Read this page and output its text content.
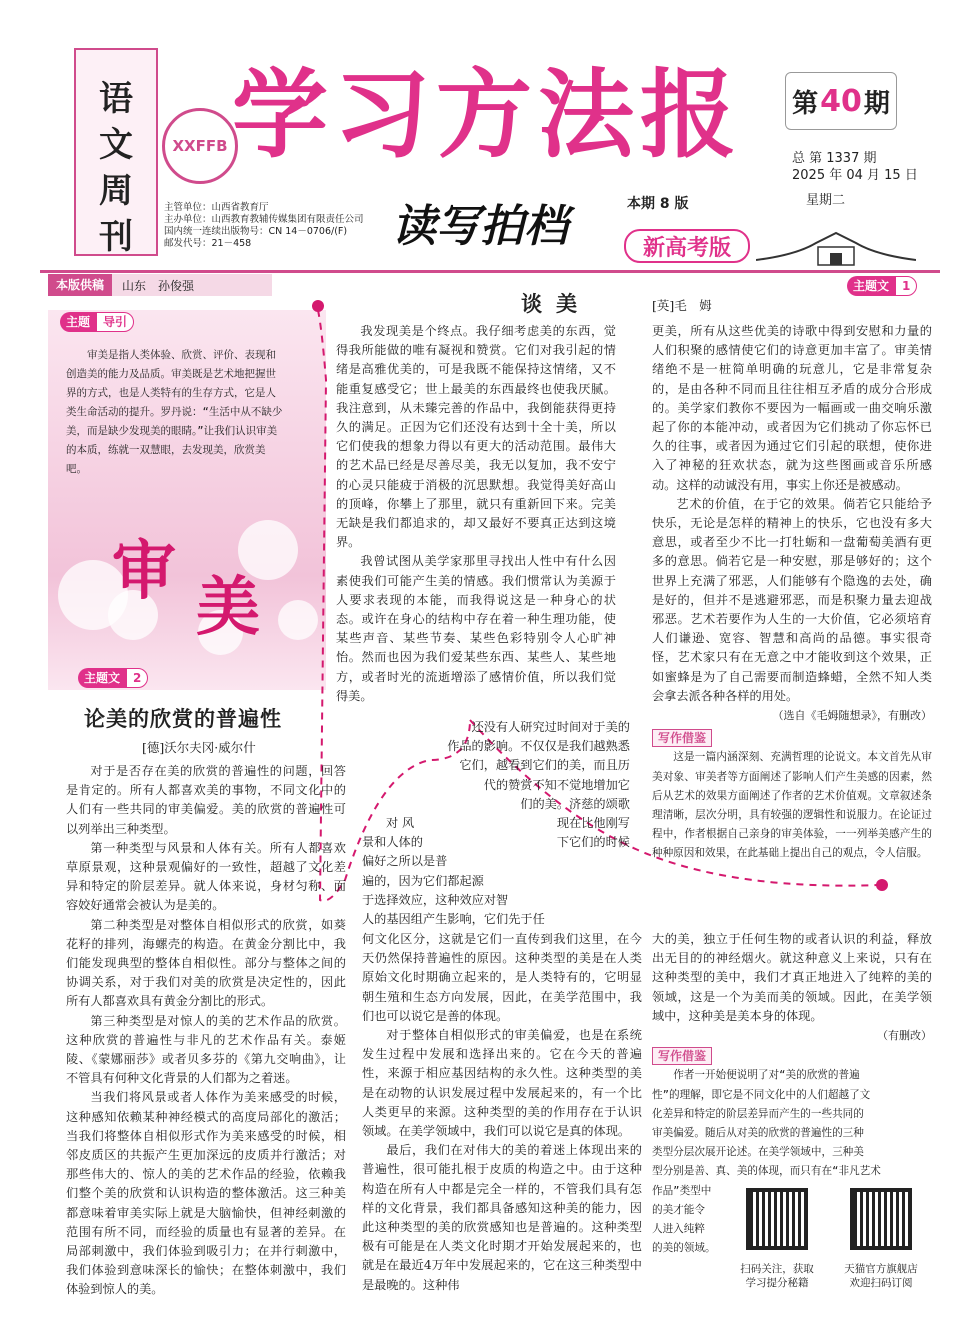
语文周刊
XXFFB 学习方法报
读写拍档
主管单位：山西省教育厅
主办单位：山西教育教辅传媒集团有限责任公司
国内统一连续出版物号：CN 14－0706/(F)
邮发代号：21－458
第 40 期
总 第 1337 期
2025 年 04 月 15 日
星期二
本期 8 版
新高考版
本版供稿	山东 孙俊强
主题	导引
审美是指人类体验、欣赏、评价、表现和创造美的能力及品质。审美既是艺术地把握世界的方式，也是人类特有的生存方式，它是人类生命活动的提升。罗丹说：“生活中从不缺少美，而是缺少发现美的眼睛。”让我们认识审美的本质，练就一双慧眼，去发现美，欣赏美吧。
审 美
主题文	2
论美的欣赏的普遍性
[德]沃尔夫冈·威尔什

对于是否存在美的欣赏的普遍性的问题，回答是肯定的。所有人都喜欢美的事物，不同文化中的人们有一些共同的审美偏爱。美的欣赏的普遍性可以列举出三种类型。

第一种类型与风景和人体有关。所有人都喜欢草原景观，这种景观偏好的一致性，超越了文化差异和特定的阶层差异。就人体来说，身材匀称、面容姣好通常会被认为是美的。

第二种类型是对整体自相似形式的欣赏，如葵花籽的排列，海螺壳的构造。在黄金分割比中，我们能发现典型的整体自相似性。部分与整体之间的协调关系，对于我们对美的欣赏是决定性的，因此所有人都喜欢具有黄金分割比的形式。

第三种类型是对惊人的美的艺术作品的欣赏。这种欣赏的普遍性与非凡的艺术作品有关。泰姬陵、《蒙娜丽莎》或者贝多芬的《第九交响曲》，让不管具有何种文化背景的人们都为之着迷。

当我们将风景或者人体作为美来感受的时候，这种感知依赖某种神经模式的高度局部化的激活；当我们将整体自相似形式作为美来感受的时候，相邻皮质区的共振产生更加深远的皮质并行激活；对那些伟大的、惊人的美的艺术作品的经验，依赖我们整个美的欣赏和认识构造的整体激活。这三种美都意味着审美实际上就是大脑愉快，但神经刺激的范围有所不同，而经验的质量也有显著的差异。在局部刺激中，我们体验到吸引力；在并行刺激中，我们体验到意味深长的愉快；在整体刺激中，我们体验到惊人的美。

谈美	[英]毛　姆
主题文	1

我发现美是个终点。我仔细考虑美的东西，觉得我所能做的唯有凝视和赞赏。它们对我引起的情绪是高雅优美的，可是我既不能保持这情绪，又不能重复感受它；世上最美的东西最终也使我厌腻。我注意到，从未臻完善的作品中，我倒能获得更持久的满足。正因为它们还没有达到十全十美，所以它们使我的想象力得以有更大的活动范围。最伟大的艺术品已经是尽善尽美，我无以复加，我不安宁的心灵只能疲于消极的沉思默想。我觉得美好高山的顶峰，你攀上了那里，就只有重新回下来。完美无缺是我们都追求的，却又最好不要真正达到这境界。

我曾试图从美学家那里寻找出人性中有什么因素使我们可能产生美的情感。我们惯常认为美源于人要求表现的本能，而我得说这是一种身心的状态。或许在身心的结构中存在着一种生理功能，使某些声音、某些节奏、某些色彩特别令人心旷神怡。然而也因为我们爱某些东西、某些人、某些地方，或者时光的流逝增添了感情价值，所以我们觉得美。

还没有人研究过时间对于美的
作品的影响。不仅仅是我们越熟悉
它们，越看到它们的美，而且历
代的赞赏不知不觉地增加它
们的美。济慈的颂歌
现在比他刚写
下它们的时候
对 风
景和人体的
偏好之所以是普
遍的，因为它们都起源
于选择效应，这种效应对智
人的基因组产生影响，它们先于任

何文化区分，这就是它们一直传到我们这里，在今天仍然保持普遍性的原因。这种类型的美是在人类原始文化时期确立起来的，是人类特有的，它明显朝生殖和生态方向发展，因此，在美学范围中，我们也可以说它是善的体现。

对于整体自相似形式的审美偏爱，也是在系统发生过程中发展和选择出来的。它在今天的普遍性，来源于相应基因结构的永久性。这种类型的美是在动物的认识发展过程中发展起来的，有一个比人类更早的来源。这种类型的美的作用存在于认识领域。在美学领域中，我们可以说它是真的体现。

最后，我们在对伟大的美的着迷上体现出来的普遍性，很可能扎根于皮质的构造之中。由于这种构造在所有人中都是完全一样的，不管我们具有怎样的文化背景，我们都具备感知这种美的能力，因此这种类型的美的欣赏感知也是普遍的。这种类型极有可能是在人类文化时期才开始发展起来的，也就是在最近4万年中发展起来的，它在这三种类型中是最晚的。这种伟

更美，所有从这些优美的诗歌中得到安慰和力量的人们积聚的感情使它们的诗意更加丰富了。审美情绪绝不是一桩简单明确的玩意儿，它是非常复杂的，是由各种不同而且往往相互矛盾的成分合形成的。美学家们教你不要因为一幅画或一曲交响乐激起了你的本能冲动，或者因为它们挑动了你忘怀已久的往事，或者因为通过它们引起的联想，使你进入了神秘的狂欢状态，就为这些图画或音乐所感动。这样的动诚没有用，事实上你还是被感动。

艺术的价值，在于它的效果。倘若它只能给予快乐，无论是怎样的精神上的快乐，它也没有多大意思，或者至少不比一打牡蛎和一盘葡萄美酒有更多的意思。倘若它是一种安慰，那是够好的；这个世界上充满了邪恶，人们能够有个隐逸的去处，确是好的，但并不是逃避邪恶，而是积聚力量去迎战邪恶。艺术若要作为人生的一大价值，它必须培育人们谦逊、宽容、智慧和高尚的品德。事实很奇怪，艺术家只有在无意之中才能收到这个效果，正如蜜蜂是为了自己需要而制造蜂蜡，全然不知人类会拿去派各种各样的用处。

（选自《毛姆随想录》，有删改）
写作借鉴
这是一篇内涵深刻、充满哲理的论说文。本文首先从审美对象、审美者等方面阐述了影响人们产生美感的因素，然后从艺术的效果方面阐述了作者的艺术价值观。文章叙述条理清晰，层次分明，具有较强的逻辑性和说服力。在论证过程中，作者根据自己亲身的审美体验，一一列举美感产生的种种原因和效果，在此基础上提出自己的观点，令人信服。

大的美，独立于任何生物的或者认识的利益，释放出无目的的神经烟火。就这种意义上来说，只有在这种类型的美中，我们才真正地进入了纯粹的美的领域，这是一个为美而美的领域。因此，在美学领域中，这种美是美本身的体现。

（有删改）
写作借鉴
作者一开始便说明了对“美的欣赏的普遍
性”的理解，即它是不同文化中的人们超越了文
化差异和特定的阶层差异而产生的一些共同的
审美偏爱。随后从对美的欣赏的普遍性的三种
类型分层次展开论述。在美学领域中，三种美
型分别是善、真、美的体现，而只有在“非凡艺术
作品”类型中
的美才能令
人进入纯粹
的美的领域。
扫码关注，获取
学习提分秘籍
天猫官方旗舰店
欢迎扫码订阅
